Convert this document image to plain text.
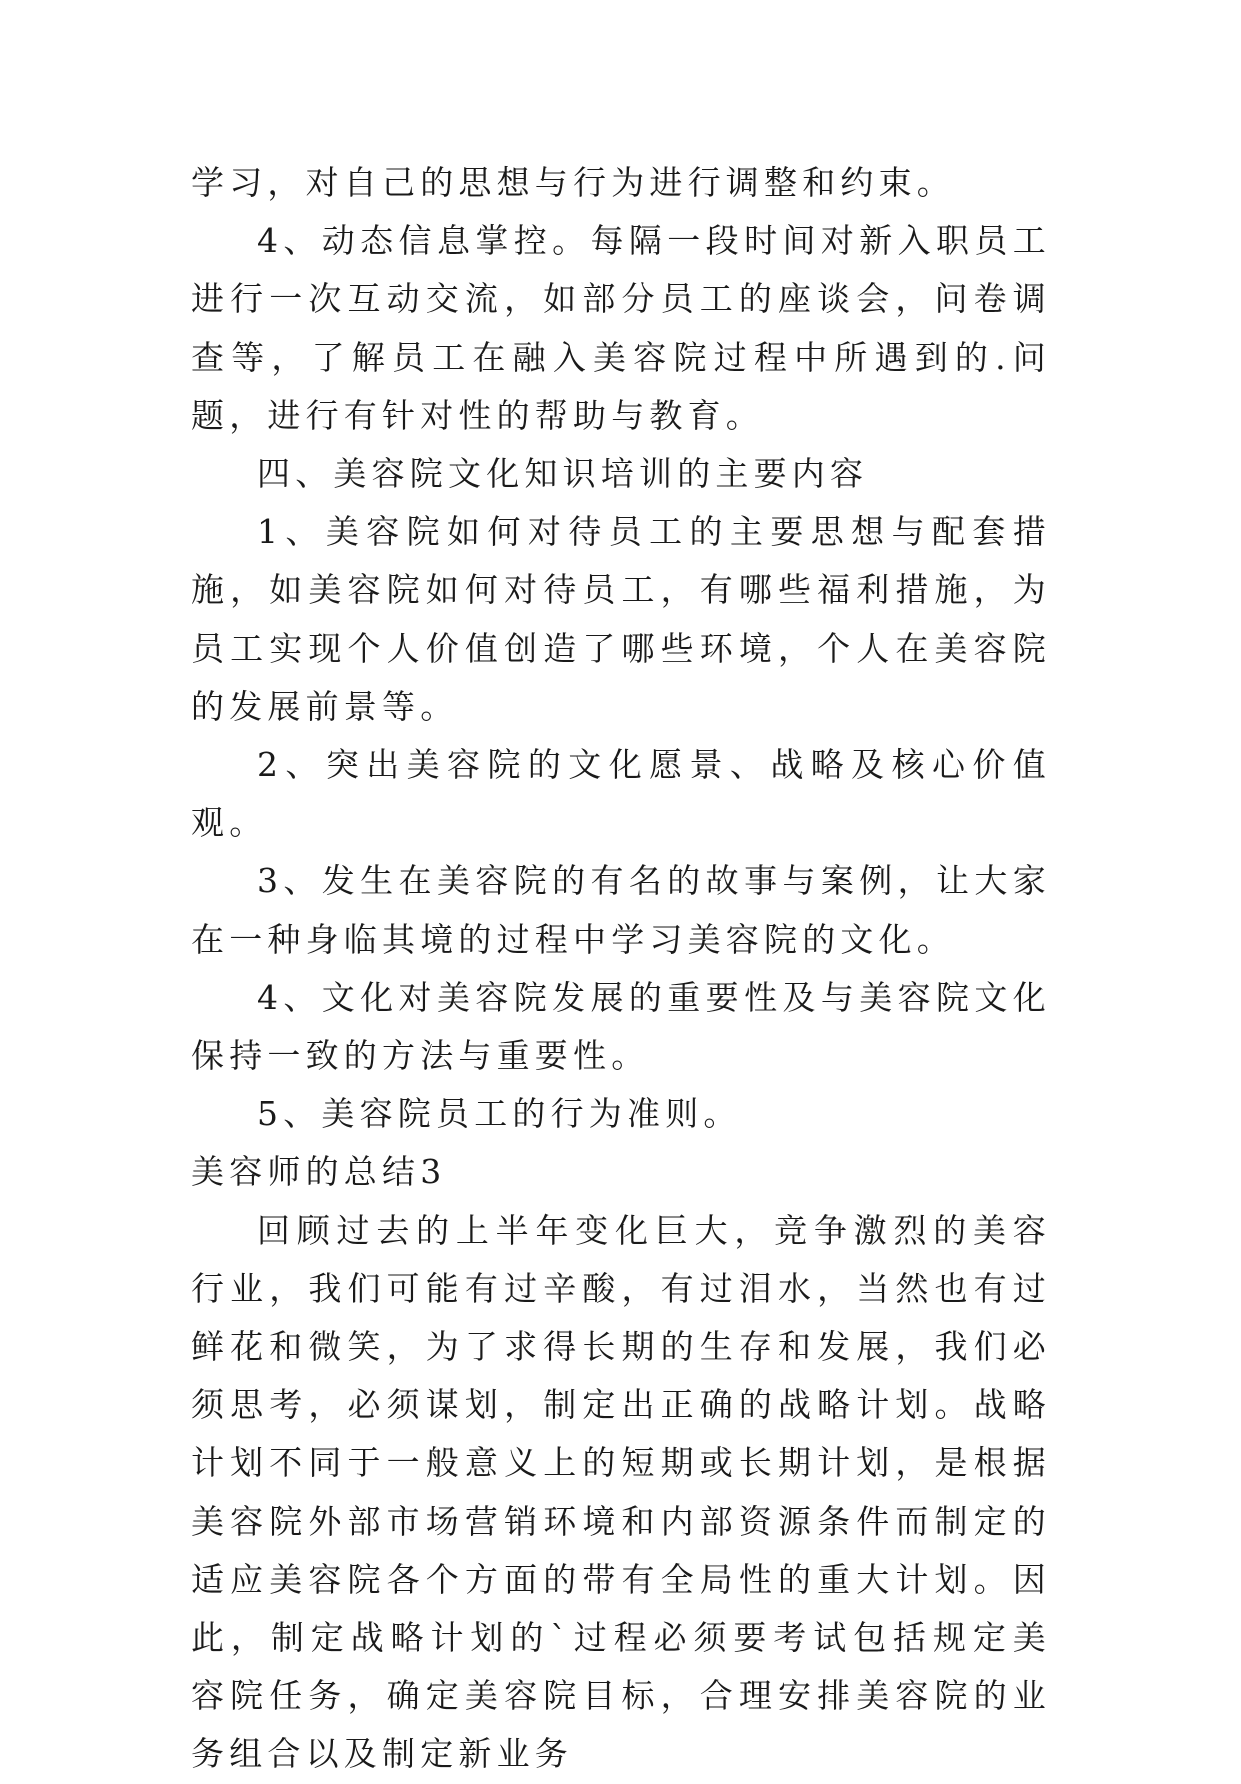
学习，对自己的思想与行为进行调整和约束。

4、动态信息掌控。每隔一段时间对新入职员工进行一次互动交流，如部分员工的座谈会，问卷调查等，了解员工在融入美容院过程中所遇到的.问题，进行有针对性的帮助与教育。

四、美容院文化知识培训的主要内容

1、美容院如何对待员工的主要思想与配套措施，如美容院如何对待员工，有哪些福利措施，为员工实现个人价值创造了哪些环境，个人在美容院的发展前景等。

2、突出美容院的文化愿景、战略及核心价值观。

3、发生在美容院的有名的故事与案例，让大家在一种身临其境的过程中学习美容院的文化。

4、文化对美容院发展的重要性及与美容院文化保持一致的方法与重要性。

5、美容院员工的行为准则。

美容师的总结3

回顾过去的上半年变化巨大，竞争激烈的美容行业，我们可能有过辛酸，有过泪水，当然也有过鲜花和微笑，为了求得长期的生存和发展，我们必须思考，必须谋划，制定出正确的战略计划。战略计划不同于一般意义上的短期或长期计划，是根据美容院外部市场营销环境和内部资源条件而制定的适应美容院各个方面的带有全局性的重大计划。因此，制定战略计划的`过程必须要考试包括规定美容院任务，确定美容院目标，合理安排美容院的业务组合以及制定新业务
